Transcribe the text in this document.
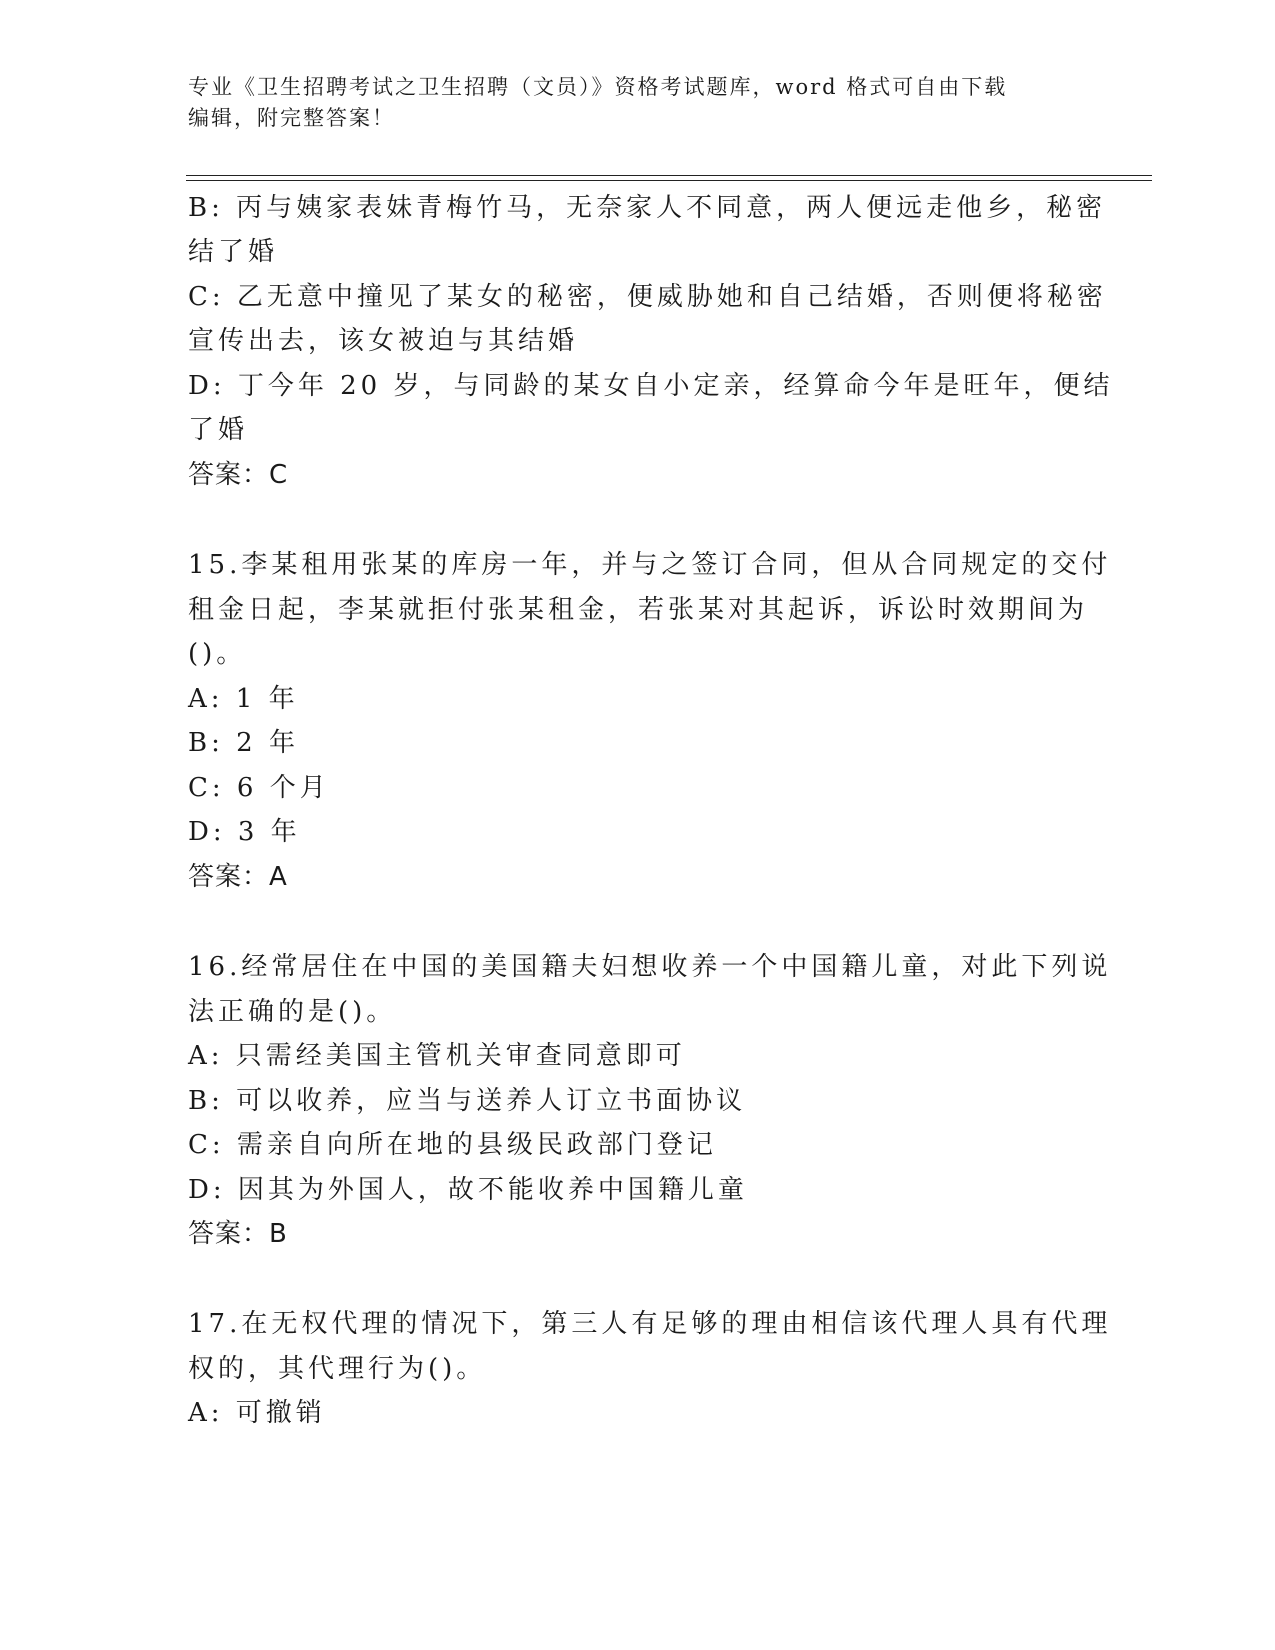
专业《卫生招聘考试之卫生招聘（文员）》资格考试题库，word 格式可自由下载
编辑，附完整答案！
B: 丙与姨家表妹青梅竹马，无奈家人不同意，两人便远走他乡，秘密
结了婚
C: 乙无意中撞见了某女的秘密，便威胁她和自己结婚，否则便将秘密
宣传出去，该女被迫与其结婚
D: 丁今年 20 岁，与同龄的某女自小定亲，经算命今年是旺年，便结
了婚
答案：C
15.李某租用张某的库房一年，并与之签订合同，但从合同规定的交付
租金日起，李某就拒付张某租金，若张某对其起诉，诉讼时效期间为
()。
A: 1 年
B: 2 年
C: 6 个月
D: 3 年
答案：A
16.经常居住在中国的美国籍夫妇想收养一个中国籍儿童，对此下列说
法正确的是()。
A: 只需经美国主管机关审查同意即可
B: 可以收养，应当与送养人订立书面协议
C: 需亲自向所在地的县级民政部门登记
D: 因其为外国人，故不能收养中国籍儿童
答案：B
17.在无权代理的情况下，第三人有足够的理由相信该代理人具有代理
权的，其代理行为()。
A: 可撤销
